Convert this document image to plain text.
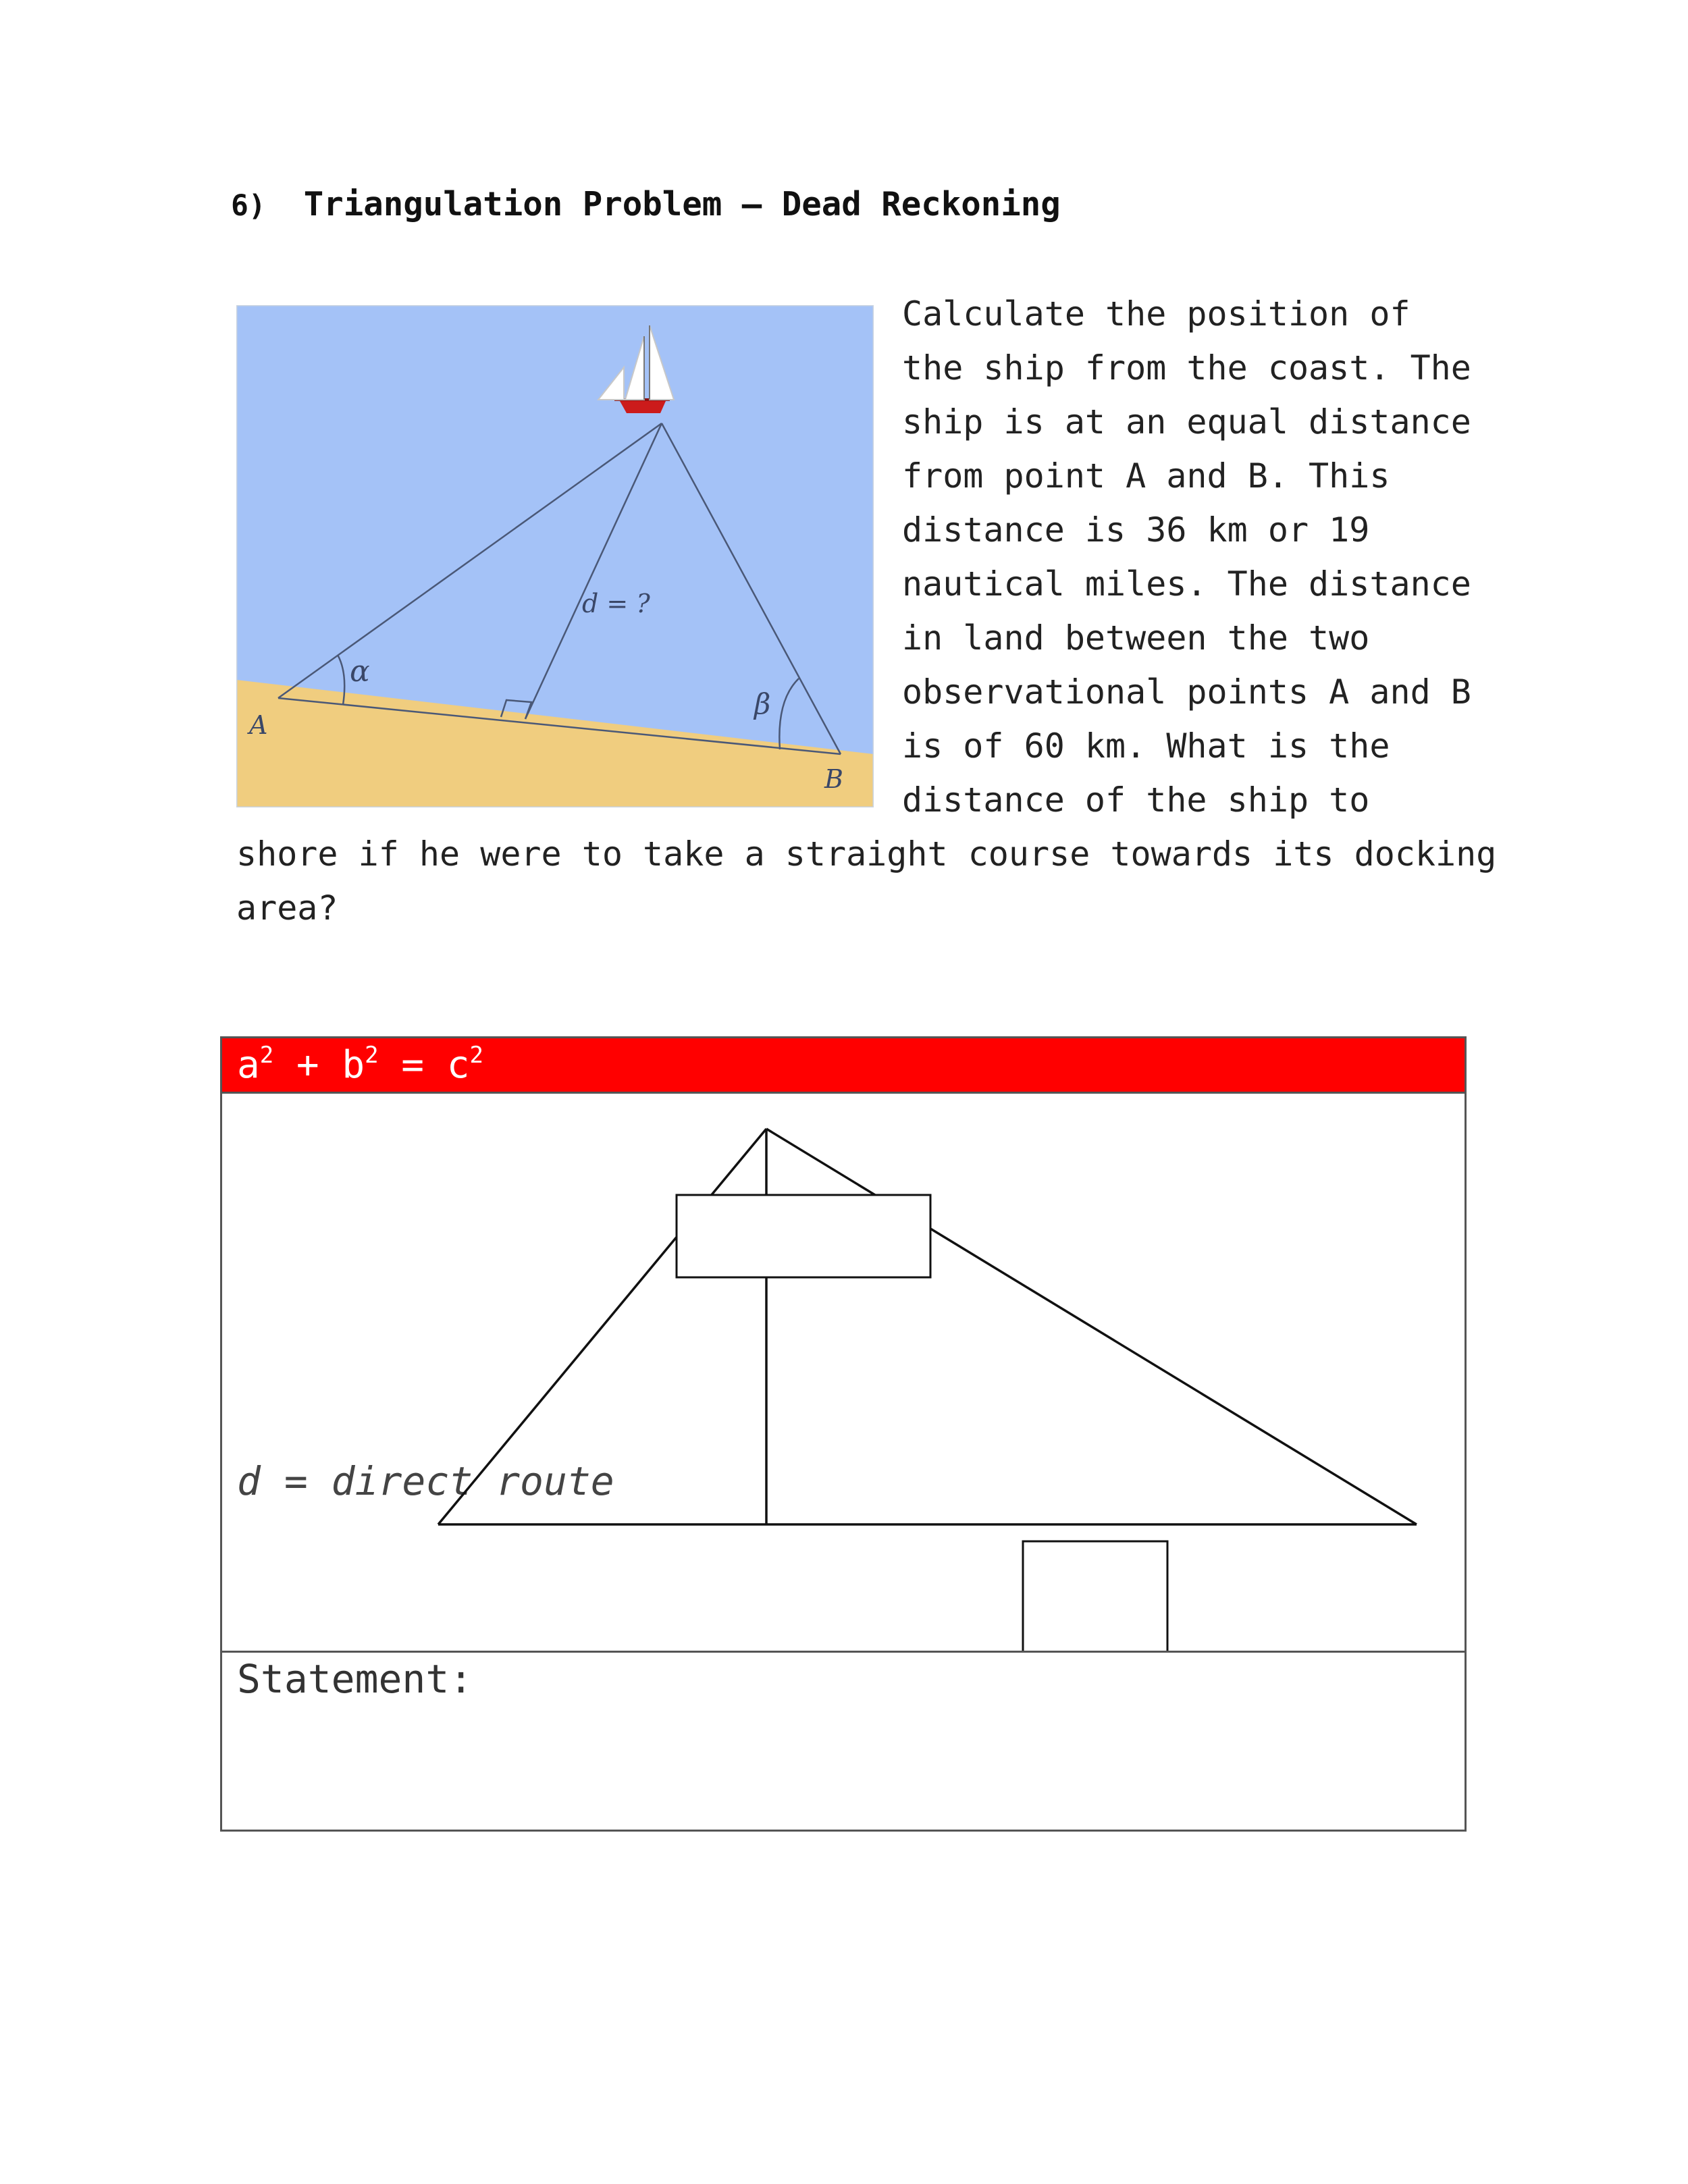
6) Triangulation Problem – Dead Reckoning
A
B
α
β
d = ?
Calculate the position of
the ship from the coast. The
ship is at an equal distance
from point A and B. This
distance is 36 km or 19
nautical miles. The distance
in land between the two
observational points A and B
is of 60 km. What is the
distance of the ship to
shore if he were to take a straight course towards its docking
area?
$a^2 + b^2 = c^2$
d = direct route
Statement:
